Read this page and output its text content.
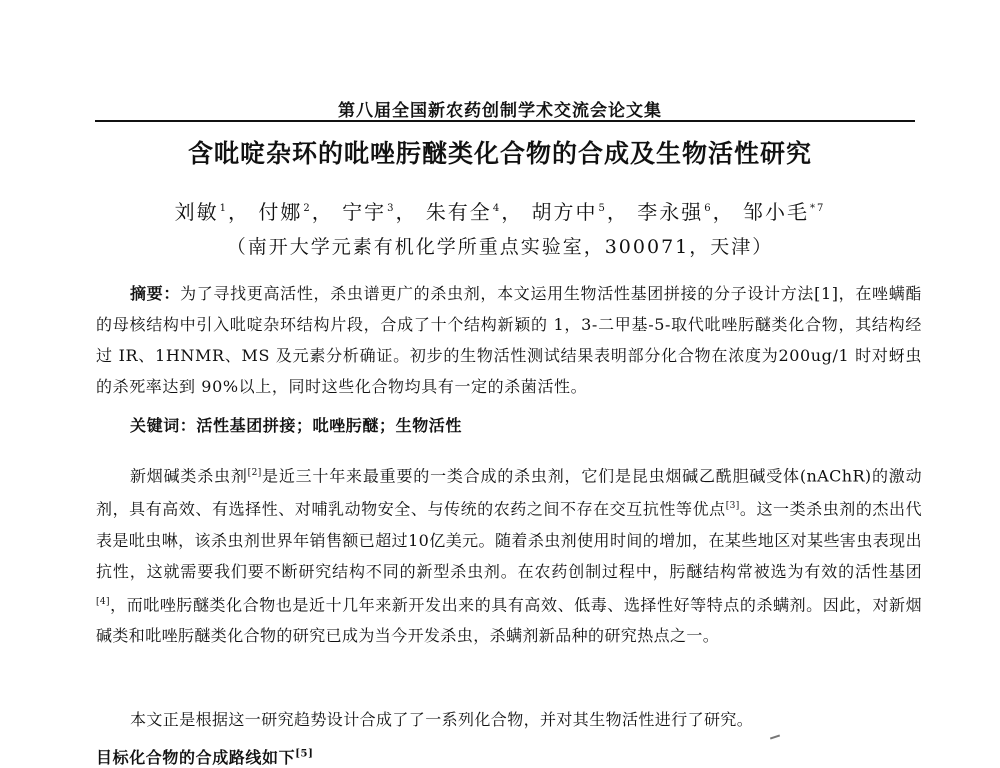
第八届全国新农药创制学术交流会论文集
含吡啶杂环的吡唑肟醚类化合物的合成及生物活性研究
刘敏$^1$， 付娜$^2$， 宁宇$^3$， 朱有全$^4$， 胡方中$^5$， 李永强$^6$， 邹小毛$^{*7}$
（南开大学元素有机化学所重点实验室，300071，天津）
摘要：为了寻找更高活性，杀虫谱更广的杀虫剂，本文运用生物活性基团拼接的分子设计方法[1]，在唑螨酯的母核结构中引入吡啶杂环结构片段，合成了十个结构新颖的 1，3-二甲基-5-取代吡唑肟醚类化合物，其结构经过 IR、1HNMR、MS 及元素分析确证。初步的生物活性测试结果表明部分化合物在浓度为200ug/1 时对蚜虫的杀死率达到 90%以上，同时这些化合物均具有一定的杀菌活性。
关键词：活性基团拼接；吡唑肟醚；生物活性
新烟碱类杀虫剂[2]是近三十年来最重要的一类合成的杀虫剂，它们是昆虫烟碱乙酰胆碱受体(nAChR)的激动剂，具有高效、有选择性、对哺乳动物安全、与传统的农药之间不存在交互抗性等优点[3]。这一类杀虫剂的杰出代表是吡虫啉，该杀虫剂世界年销售额已超过10亿美元。随着杀虫剂使用时间的增加，在某些地区对某些害虫表现出抗性，这就需要我们要不断研究结构不同的新型杀虫剂。在农药创制过程中，肟醚结构常被选为有效的活性基团[4]，而吡唑肟醚类化合物也是近十几年来新开发出来的具有高效、低毒、选择性好等特点的杀螨剂。因此，对新烟碱类和吡唑肟醚类化合物的研究已成为当今开发杀虫，杀螨剂新品种的研究热点之一。
本文正是根据这一研究趋势设计合成了了一系列化合物，并对其生物活性进行了研究。
目标化合物的合成路线如下[5]
